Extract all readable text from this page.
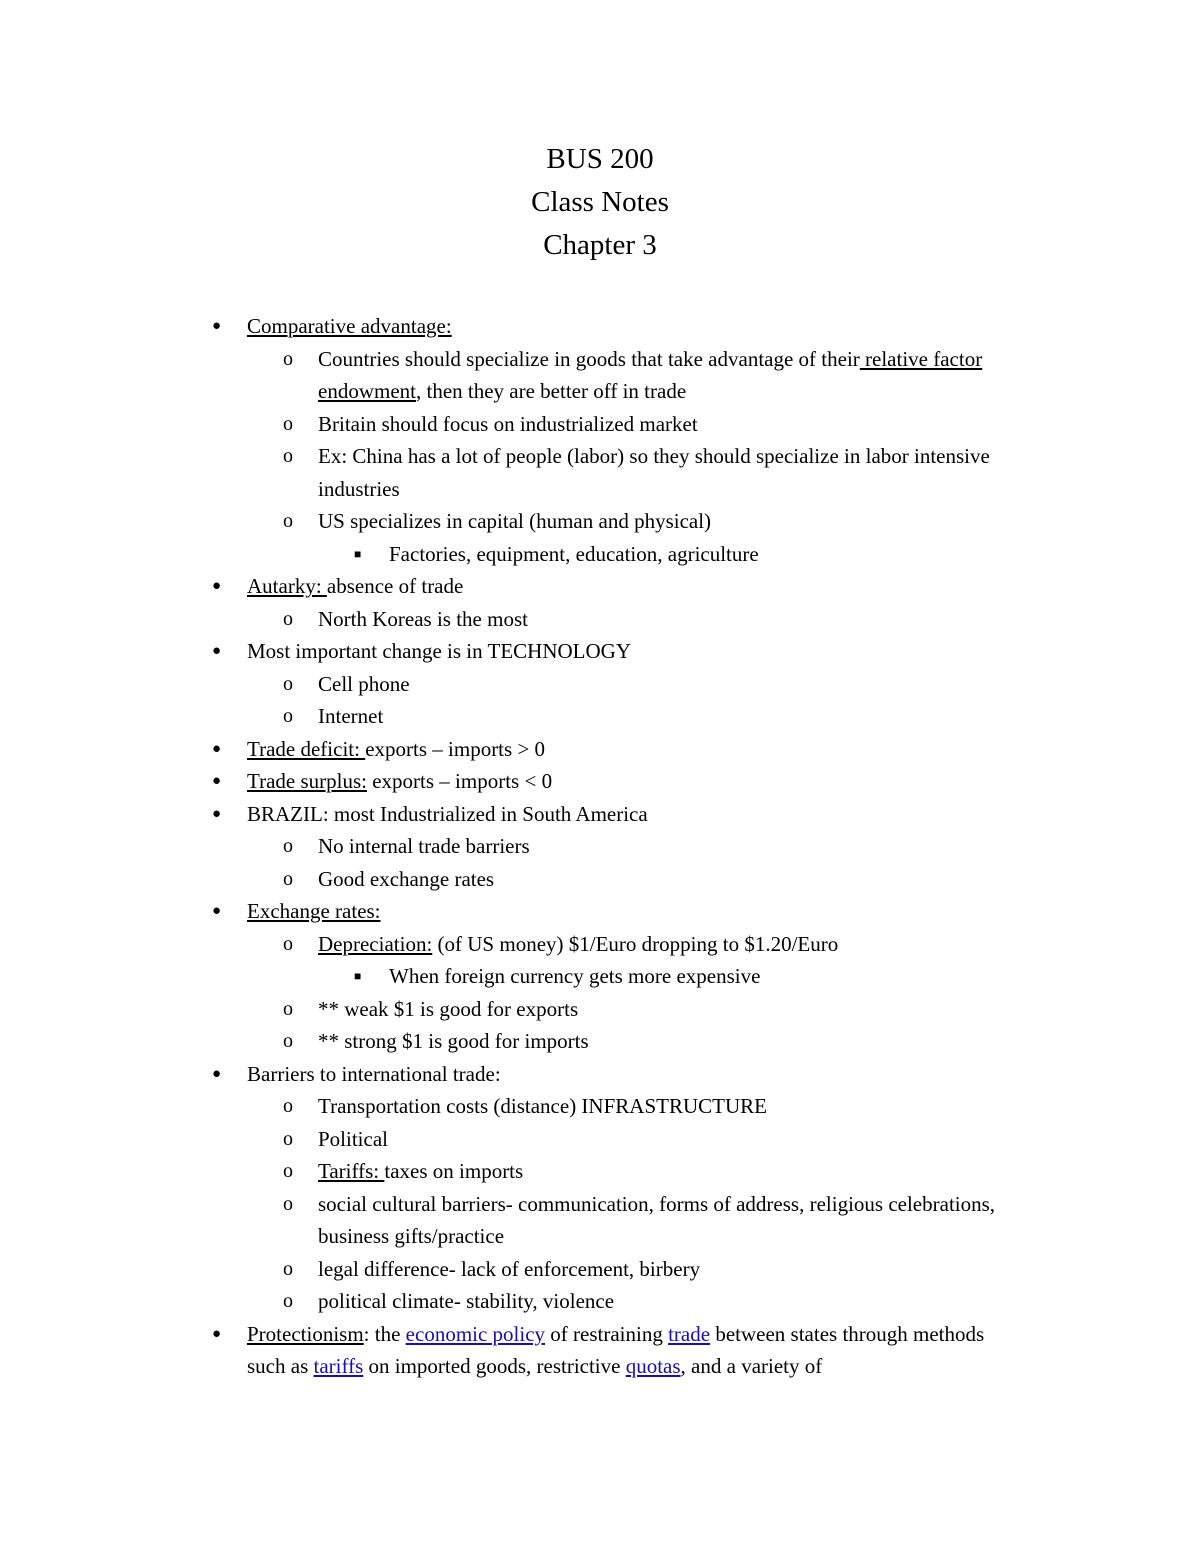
BUS 200
Class Notes
Chapter 3
● Comparative advantage:
o Countries should specialize in goods that take advantage of their relative factor endowment, then they are better off in trade
o Britain should focus on industrialized market
o Ex: China has a lot of people (labor) so they should specialize in labor intensive industries
o US specializes in capital (human and physical)
■ Factories, equipment, education, agriculture
● Autarky: absence of trade
o North Koreas is the most
● Most important change is in TECHNOLOGY
o Cell phone
o Internet
● Trade deficit: exports – imports > 0
● Trade surplus: exports – imports < 0
● BRAZIL: most Industrialized in South America
o No internal trade barriers
o Good exchange rates
● Exchange rates:
o Depreciation: (of US money) $1/Euro dropping to $1.20/Euro
■ When foreign currency gets more expensive
o ** weak $1 is good for exports
o ** strong $1 is good for imports
● Barriers to international trade:
o Transportation costs (distance) INFRASTRUCTURE
o Political
o Tariffs: taxes on imports
o social cultural barriers- communication, forms of address, religious celebrations, business gifts/practice
o legal difference- lack of enforcement, birbery
o political climate- stability, violence
● Protectionism: the economic policy of restraining trade between states through methods such as tariffs on imported goods, restrictive quotas, and a variety of
